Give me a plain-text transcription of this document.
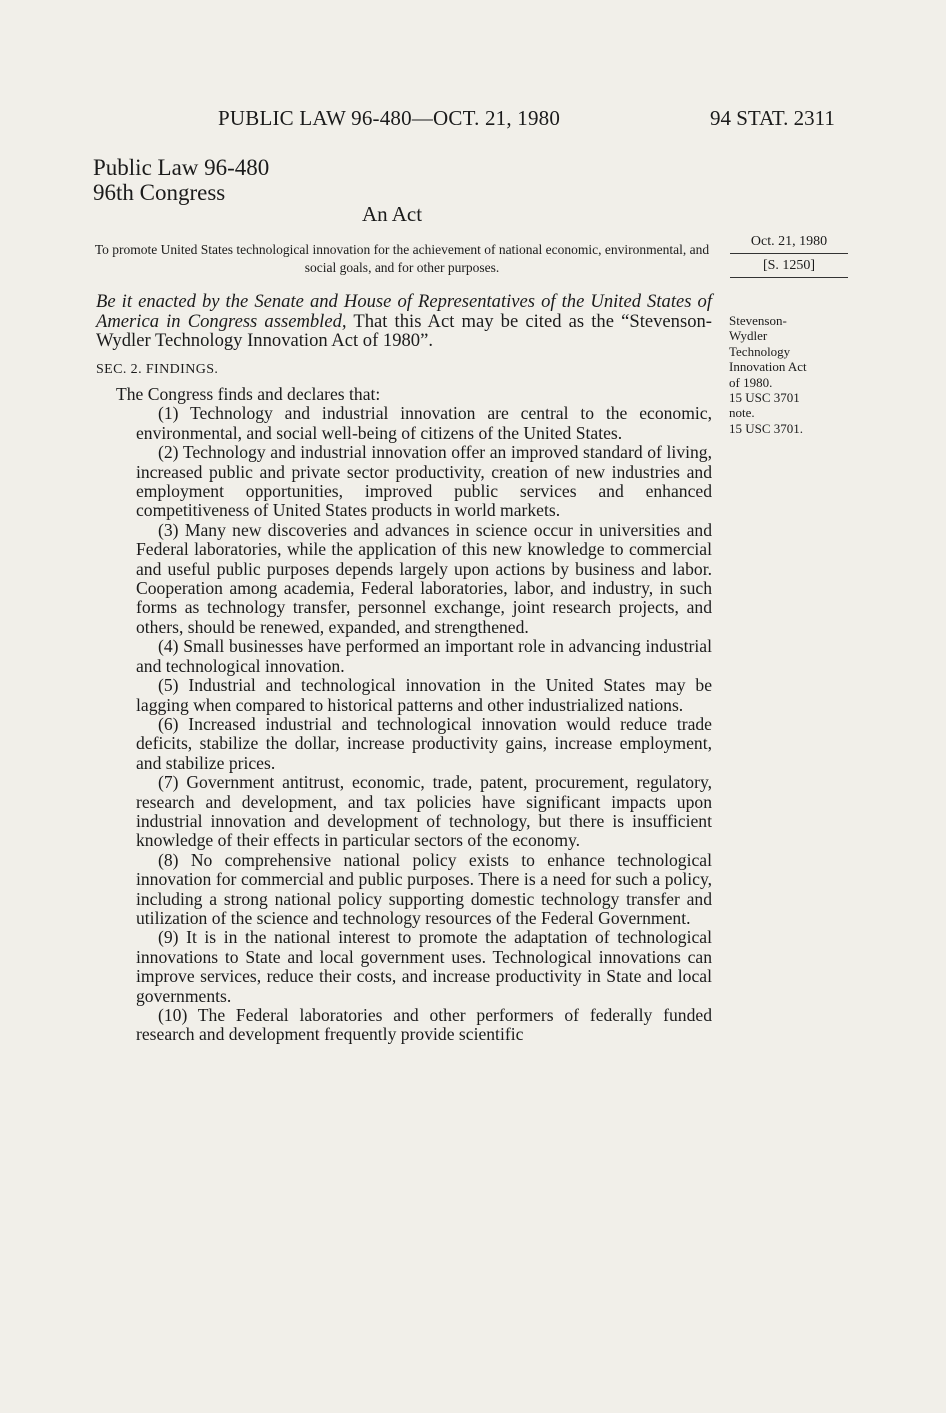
PUBLIC LAW 96-480—OCT. 21, 1980	94 STAT. 2311
Public Law 96-480
96th Congress
An Act
To promote United States technological innovation for the achievement of national economic, environmental, and social goals, and for other purposes.
Oct. 21, 1980
[S. 1250]
Stevenson-
Wydler
Technology
Innovation Act
of 1980.
15 USC 3701
note.
15 USC 3701.
Be it enacted by the Senate and House of Representatives of the United States of America in Congress assembled, That this Act may be cited as the “Stevenson-Wydler Technology Innovation Act of 1980”.
SEC. 2. FINDINGS.

The Congress finds and declares that:

(1) Technology and industrial innovation are central to the economic, environmental, and social well-being of citizens of the United States.

(2) Technology and industrial innovation offer an improved standard of living, increased public and private sector productivity, creation of new industries and employment opportunities, improved public services and enhanced competitiveness of United States products in world markets.

(3) Many new discoveries and advances in science occur in universities and Federal laboratories, while the application of this new knowledge to commercial and useful public purposes depends largely upon actions by business and labor. Cooperation among academia, Federal laboratories, labor, and industry, in such forms as technology transfer, personnel exchange, joint research projects, and others, should be renewed, expanded, and strengthened.

(4) Small businesses have performed an important role in advancing industrial and technological innovation.

(5) Industrial and technological innovation in the United States may be lagging when compared to historical patterns and other industrialized nations.

(6) Increased industrial and technological innovation would reduce trade deficits, stabilize the dollar, increase productivity gains, increase employment, and stabilize prices.

(7) Government antitrust, economic, trade, patent, procurement, regulatory, research and development, and tax policies have significant impacts upon industrial innovation and development of technology, but there is insufficient knowledge of their effects in particular sectors of the economy.

(8) No comprehensive national policy exists to enhance technological innovation for commercial and public purposes. There is a need for such a policy, including a strong national policy supporting domestic technology transfer and utilization of the science and technology resources of the Federal Government.

(9) It is in the national interest to promote the adaptation of technological innovations to State and local government uses. Technological innovations can improve services, reduce their costs, and increase productivity in State and local governments.

(10) The Federal laboratories and other performers of federally funded research and development frequently provide scientific
